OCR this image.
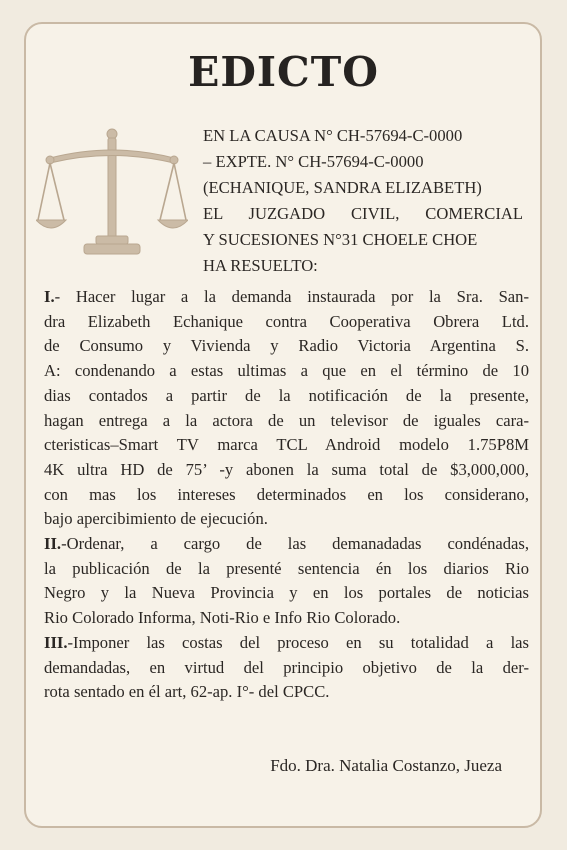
EDICTO
EN LA CAUSA N° CH-57694-C-0000
– EXPTE. N° CH-57694-C-0000
(ECHANIQUE, SANDRA ELIZABETH)
EL JUZGADO CIVIL, COMERCIAL
Y SUCESIONES N°31 CHOELE CHOE
HA RESUELTO:
I.- Hacer lugar a la demanda instaurada por la Sra. San-
dra Elizabeth Echanique contra Cooperativa Obrera Ltd.
de Consumo y Vivienda y Radio Victoria Argentina S.
A: condenando a estas ultimas a que en el término de 10
dias contados a partir de la notificación de la presente,
hagan entrega a la actora de un televisor de iguales cara-
cteristicas–Smart TV marca TCL Android modelo 1.75P8M
4K ultra HD de 75’ -y abonen la suma total de $3,000,000,
con mas los intereses determinados en los considerano,
bajo apercibimiento de ejecución.
II.-Ordenar, a cargo de las demanadadas condénadas,
la publicación de la presenté sentencia én los diarios Rio
Negro y la Nueva Provincia y en los portales de noticias
Rio Colorado Informa, Noti-Rio e Info Rio Colorado.
III.-Imponer las costas del proceso en su totalidad a las
demandadas, en virtud del principio objetivo de la der-
rota sentado en él art, 62-ap. I°- del CPCC.
Fdo. Dra. Natalia Costanzo, Jueza
